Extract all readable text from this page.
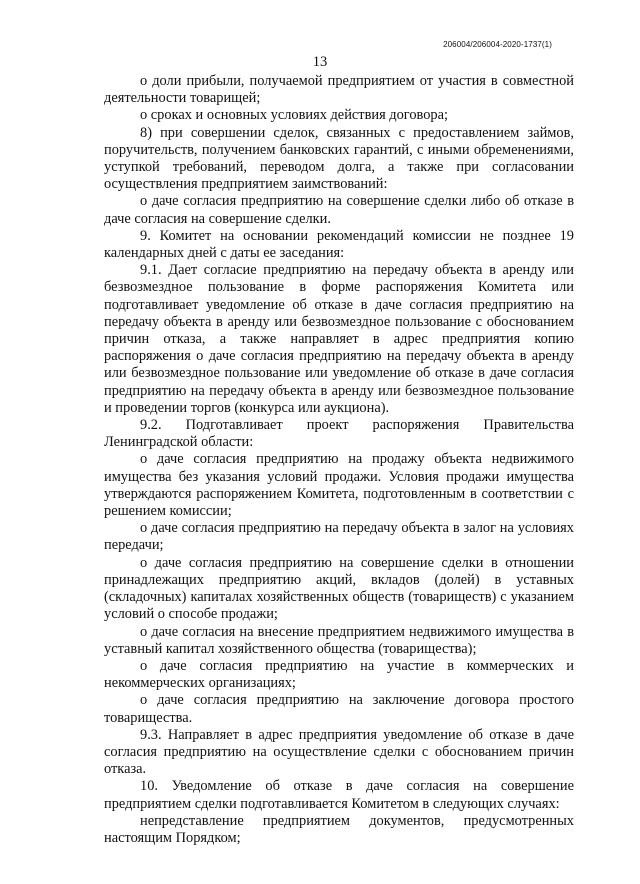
206004/206004-2020-1737(1)
13

о доли прибыли, получаемой предприятием от участия в совместной деятельности товарищей;

о сроках и основных условиях действия договора;

8) при совершении сделок, связанных с предоставлением займов, поручительств, получением банковских гарантий, с иными обременениями, уступкой требований, переводом долга, а также при согласовании осуществления предприятием заимствований:

о даче согласия предприятию на совершение сделки либо об отказе в даче согласия на совершение сделки.

9. Комитет на основании рекомендаций комиссии не позднее 19 календарных дней с даты ее заседания:

9.1. Дает согласие предприятию на передачу объекта в аренду или безвозмездное пользование в форме распоряжения Комитета или подготавливает уведомление об отказе в даче согласия предприятию на передачу объекта в аренду или безвозмездное пользование с обоснованием причин отказа, а также направляет в адрес предприятия копию распоряжения о даче согласия предприятию на передачу объекта в аренду или безвозмездное пользование или уведомление об отказе в даче согласия предприятию на передачу объекта в аренду или безвозмездное пользование и проведении торгов (конкурса или аукциона).

9.2. Подготавливает проект распоряжения Правительства Ленинградской области:

о даче согласия предприятию на продажу объекта недвижимого имущества без указания условий продажи. Условия продажи имущества утверждаются распоряжением Комитета, подготовленным в соответствии с решением комиссии;

о даче согласия предприятию на передачу объекта в залог на условиях передачи;

о даче согласия предприятию на совершение сделки в отношении принадлежащих предприятию акций, вкладов (долей) в уставных (складочных) капиталах хозяйственных обществ (товариществ) с указанием условий о способе продажи;

о даче согласия на внесение предприятием недвижимого имущества в уставный капитал хозяйственного общества (товарищества);

о даче согласия предприятию на участие в коммерческих и некоммерческих организациях;

о даче согласия предприятию на заключение договора простого товарищества.

9.3. Направляет в адрес предприятия уведомление об отказе в даче согласия предприятию на осуществление сделки с обоснованием причин отказа.

10. Уведомление об отказе в даче согласия на совершение предприятием сделки подготавливается Комитетом в следующих случаях:

непредставление предприятием документов, предусмотренных настоящим Порядком;
